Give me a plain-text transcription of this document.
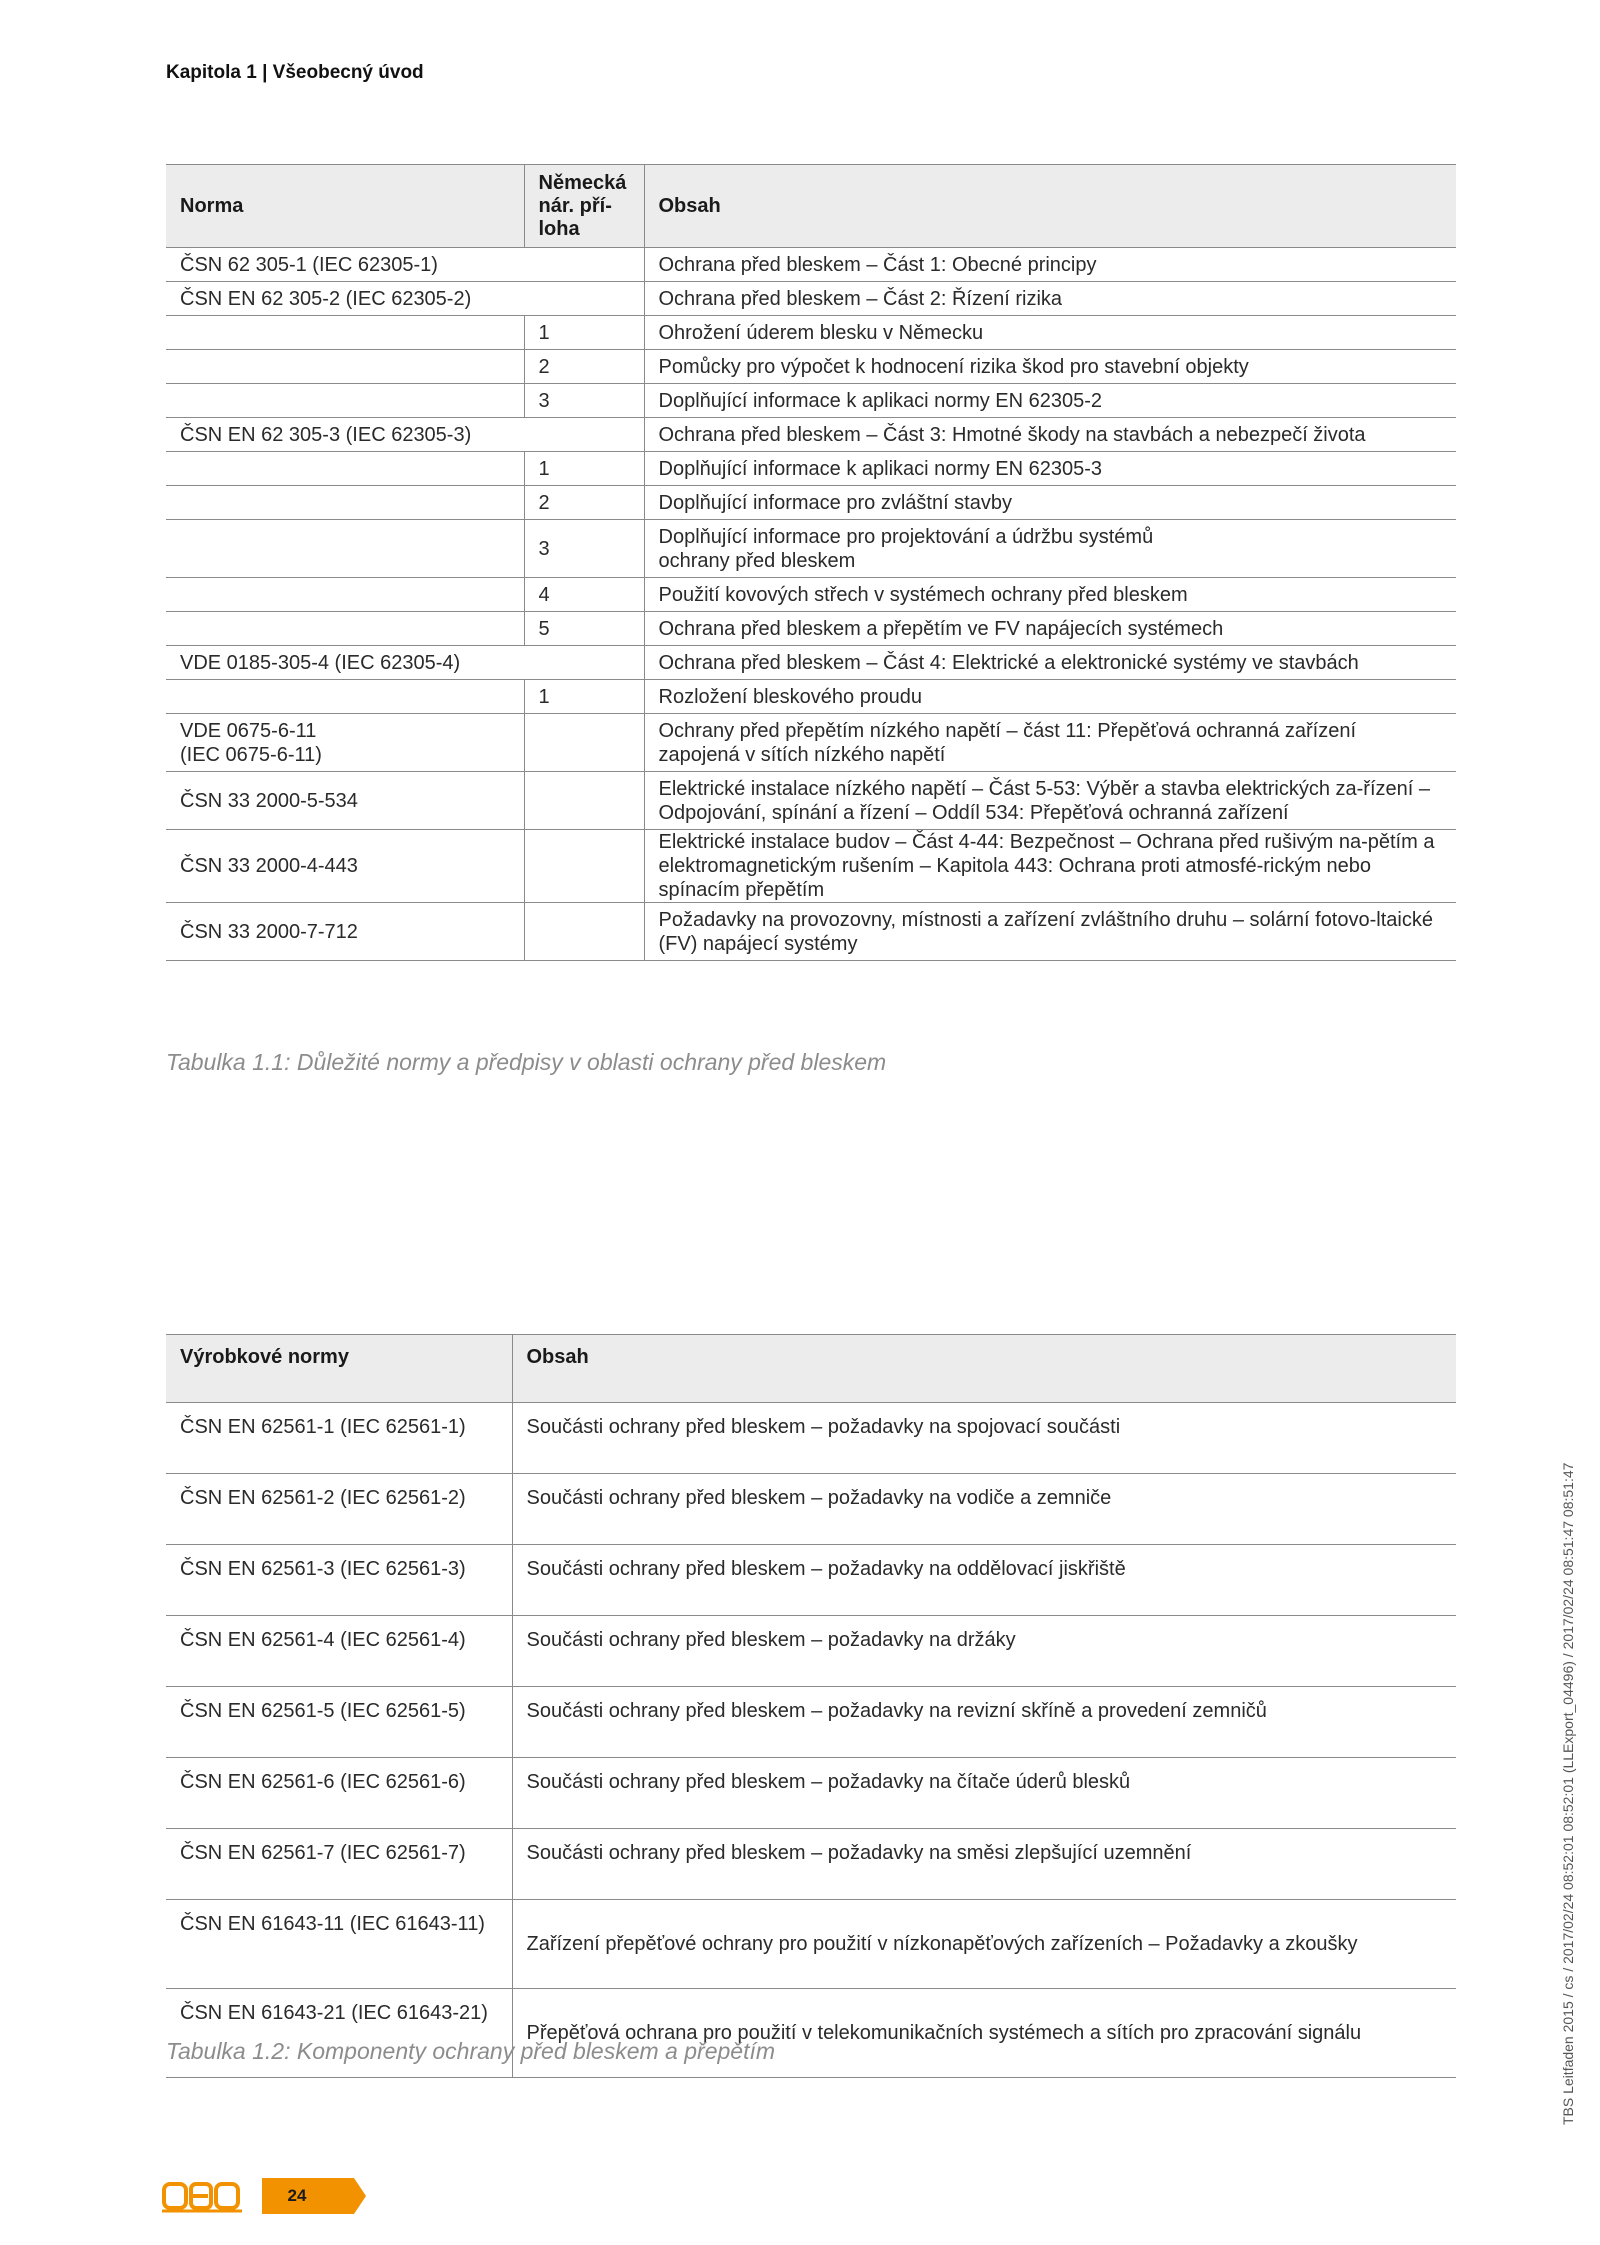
Kapitola 1 | Všeobecný úvod
Norma	Německá
nár. pří-
loha	Obsah
ČSN 62 305-1 (IEC 62305-1)		Ochrana před bleskem – Část 1: Obecné principy
ČSN EN 62 305-2 (IEC 62305-2)		Ochrana před bleskem – Část 2: Řízení rizika
	1	Ohrožení úderem blesku v Německu
	2	Pomůcky pro výpočet k hodnocení rizika škod pro stavební objekty
	3	Doplňující informace k aplikaci normy EN 62305-2
ČSN EN 62 305-3 (IEC 62305-3)		Ochrana před bleskem – Část 3: Hmotné škody na stavbách a nebezpečí života
	1	Doplňující informace k aplikaci normy EN 62305-3
	2	Doplňující informace pro zvláštní stavby
	3	Doplňující informace pro projektování a údržbu systémů ochrany před bleskem
	4	Použití kovových střech v systémech ochrany před bleskem
	5	Ochrana před bleskem a přepětím ve FV napájecích systémech
VDE 0185-305-4 (IEC 62305-4)		Ochrana před bleskem – Část 4: Elektrické a elektronické systémy ve stavbách
	1	Rozložení bleskového proudu
VDE 0675-6-11
(IEC 0675-6-11)		Ochrany před přepětím nízkého napětí – část 11: Přepěťová ochranná zařízení zapojená v sítích nízkého napětí
ČSN 33 2000-5-534		Elektrické instalace nízkého napětí – Část 5-53: Výběr a stavba elektrických za-řízení – Odpojování, spínání a řízení – Oddíl 534: Přepěťová ochranná zařízení
ČSN 33 2000-4-443		Elektrické instalace budov – Část 4-44: Bezpečnost – Ochrana před rušivým na-pětím a elektromagnetickým rušením – Kapitola 443: Ochrana proti atmosfé-rickým nebo spínacím přepětím
ČSN 33 2000-7-712		Požadavky na provozovny, místnosti a zařízení zvláštního druhu – solární fotovo-ltaické (FV) napájecí systémy
Tabulka 1.1: Důležité normy a předpisy v oblasti ochrany před bleskem
Výrobkové normy	Obsah
ČSN EN 62561-1 (IEC 62561-1)	Součásti ochrany před bleskem – požadavky na spojovací součásti
ČSN EN 62561-2 (IEC 62561-2)	Součásti ochrany před bleskem – požadavky na vodiče a zemniče
ČSN EN 62561-3 (IEC 62561-3)	Součásti ochrany před bleskem – požadavky na oddělovací jiskřiště
ČSN EN 62561-4 (IEC 62561-4)	Součásti ochrany před bleskem – požadavky na držáky
ČSN EN 62561-5 (IEC 62561-5)	Součásti ochrany před bleskem – požadavky na revizní skříně a provedení zemničů
ČSN EN 62561-6 (IEC 62561-6)	Součásti ochrany před bleskem – požadavky na čítače úderů blesků
ČSN EN 62561-7 (IEC 62561-7)	Součásti ochrany před bleskem – požadavky na směsi zlepšující uzemnění
ČSN EN 61643-11 (IEC 61643-11)	Zařízení přepěťové ochrany pro použití v nízkonapěťových zařízeních – Požadavky a zkoušky
ČSN EN 61643-21 (IEC 61643-21)	Přepěťová ochrana pro použití v telekomunikačních systémech a sítích pro zpracování signálu
Tabulka 1.2: Komponenty ochrany před bleskem a přepětím	TBS Leitfaden 2015 / cs / 2017/02/24 08:52:01 08:52:01 (LLExport_04496) / 2017/02/24 08:51:47 08:51:47
24
